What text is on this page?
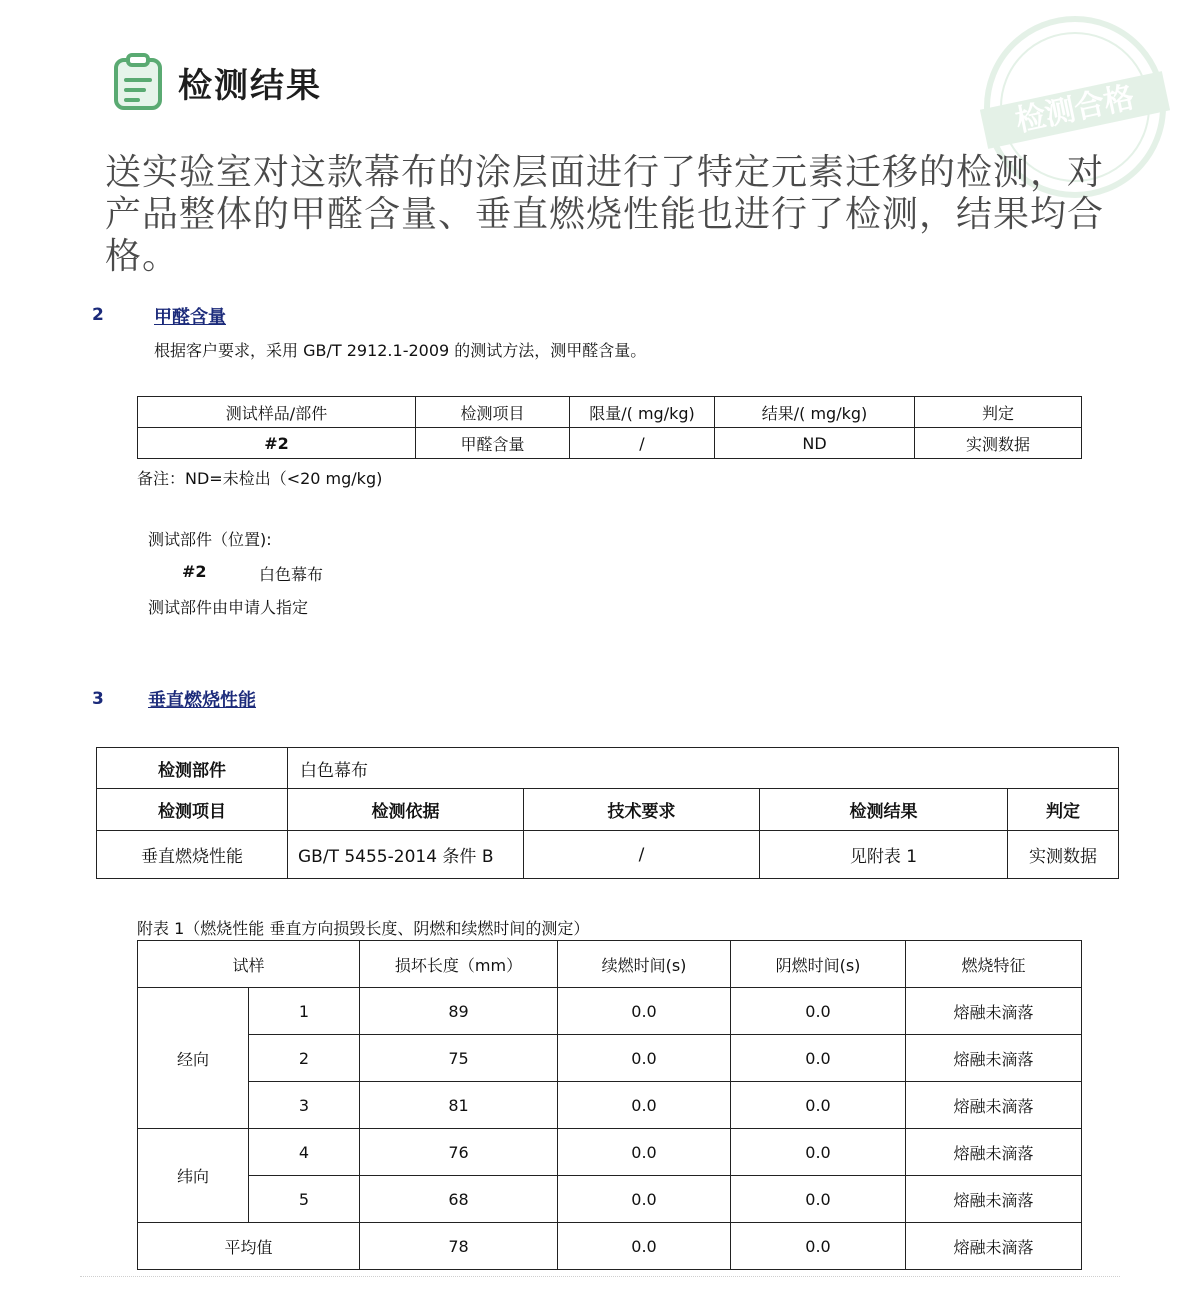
检测结果	检测合格
送实验室对这款幕布的涂层面进行了特定元素迁移的检测，对产品整体的甲醛含量、垂直燃烧性能也进行了检测，结果均合格。
2	甲醛含量
根据客户要求，采用 GB/T 2912.1-2009 的测试方法，测甲醛含量。
测试样品/部件	检测项目	限量/( mg/kg)	结果/( mg/kg)	判定
#2	甲醛含量	/	ND	实测数据
备注：ND=未检出（<20 mg/kg)
测试部件（位置):
#2	白色幕布
测试部件由申请人指定
3 垂直燃烧性能
检测部件	白色幕布			
检测项目	检测依据	技术要求	检测结果	判定
垂直燃烧性能	GB/T 5455-2014 条件 B	/	见附表 1	实测数据
附表 1（燃烧性能 垂直方向损毁长度、阴燃和续燃时间的测定）
试样		损坏长度（mm）	续燃时间(s)	阴燃时间(s)	燃烧特征
经向	1	89	0.0	0.0	熔融未滴落
	2	75	0.0	0.0	熔融未滴落
	3	81	0.0	0.0	熔融未滴落
纬向	4	76	0.0	0.0	熔融未滴落
	5	68	0.0	0.0	熔融未滴落
平均值		78	0.0	0.0	熔融未滴落
